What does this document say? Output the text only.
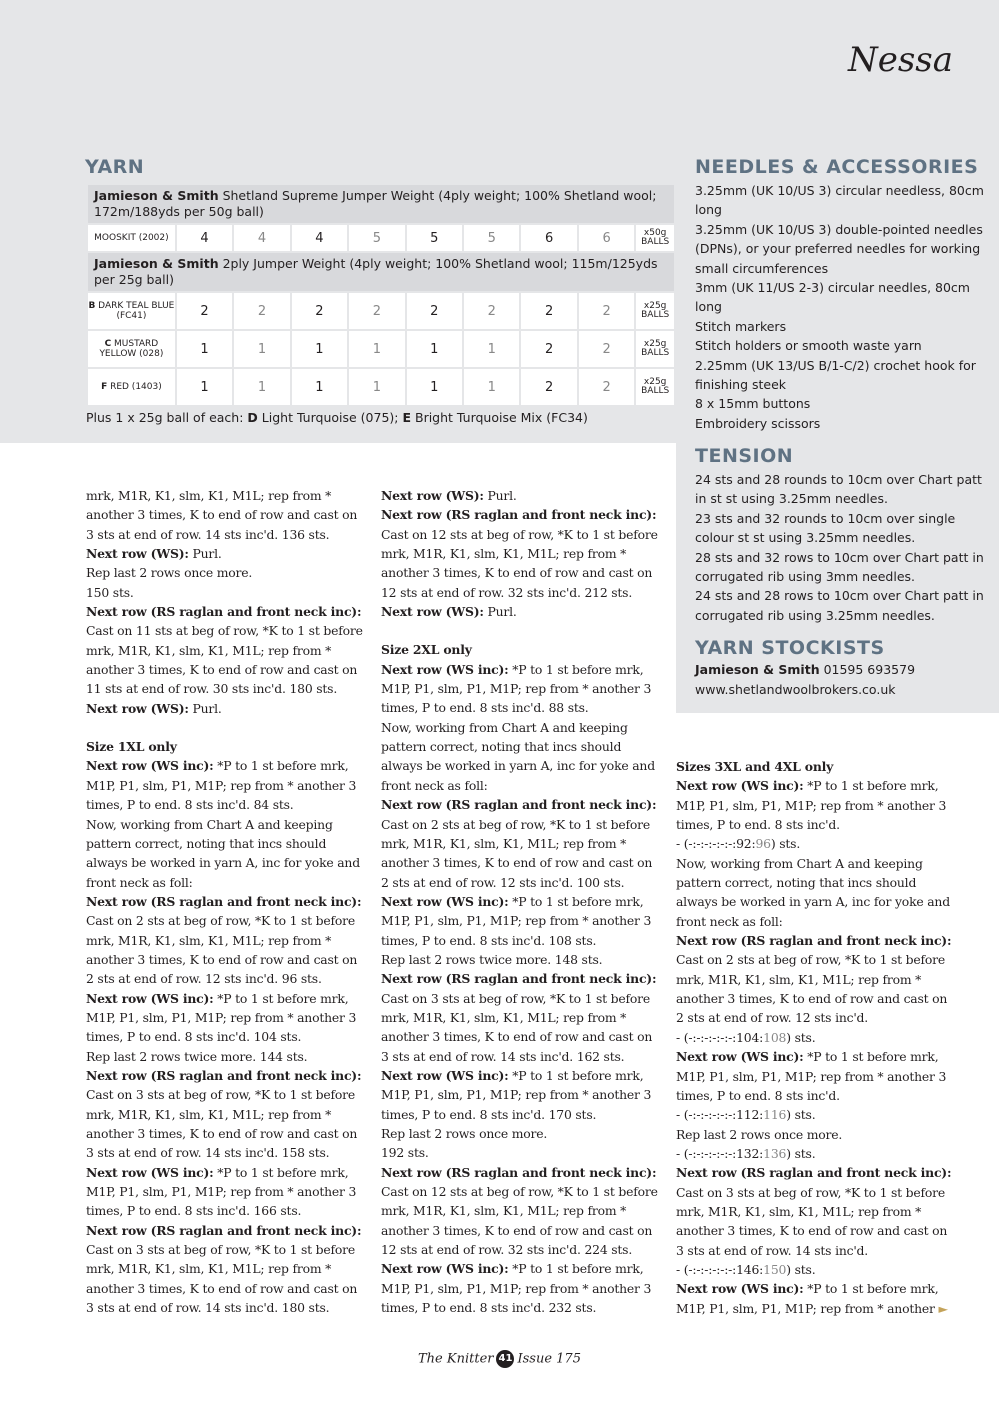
Nessa
YARN
Jamieson & Smith Shetland Supreme Jumper Weight (4ply weight; 100% Shetland wool; 172m/188yds per 50g ball)									
MOOSKIT (2002)	4	4	4	5	5	5	6	6	x50g BALLS
Jamieson & Smith 2ply Jumper Weight (4ply weight; 100% Shetland wool; 115m/125yds per 25g ball)									
B DARK TEAL BLUE (FC41)	2	2	2	2	2	2	2	2	x25g BALLS
C MUSTARD YELLOW (028)	1	1	1	1	1	1	2	2	x25g BALLS
F RED (1403)	1	1	1	1	1	1	2	2	x25g BALLS
Plus 1 x 25g ball of each: D Light Turquoise (075); E Bright Turquoise Mix (FC34)
NEEDLES & ACCESSORIES
3.25mm (UK 10/US 3) circular needless, 80cm long
3.25mm (UK 10/US 3) double-pointed needles (DPNs), or your preferred needles for working small circumferences
3mm (UK 11/US 2-3) circular needles, 80cm long
Stitch markers
Stitch holders or smooth waste yarn
2.25mm (UK 13/US B/1-C/2) crochet hook for finishing steek
8 x 15mm buttons
Embroidery scissors
TENSION
24 sts and 28 rounds to 10cm over Chart patt in st st using 3.25mm needles.
23 sts and 32 rounds to 10cm over single colour st st using 3.25mm needles.
28 sts and 32 rows to 10cm over Chart patt in corrugated rib using 3mm needles.
24 sts and 28 rows to 10cm over Chart patt in corrugated rib using 3.25mm needles.
YARN STOCKISTS
Jamieson & Smith 01595 693579
www.shetlandwoolbrokers.co.uk

mrk, M1R, K1, slm, K1, M1L; rep from * another 3 times, K to end of row and cast on 3 sts at end of row. 14 sts inc'd. 136 sts.

Next row (WS): Purl.

Rep last 2 rows once more.

150 sts.

Next row (RS raglan and front neck inc):

Cast on 11 sts at beg of row, *K to 1 st before mrk, M1R, K1, slm, K1, M1L; rep from * another 3 times, K to end of row and cast on 11 sts at end of row. 30 sts inc'd. 180 sts.

Next row (WS): Purl.

Size 1XL only

Next row (WS inc): *P to 1 st before mrk, M1P, P1, slm, P1, M1P; rep from * another 3 times, P to end. 8 sts inc'd. 84 sts.

Now, working from Chart A and keeping pattern correct, noting that incs should always be worked in yarn A, inc for yoke and front neck as foll:

Next row (RS raglan and front neck inc):

Cast on 2 sts at beg of row, *K to 1 st before mrk, M1R, K1, slm, K1, M1L; rep from * another 3 times, K to end of row and cast on 2 sts at end of row. 12 sts inc'd. 96 sts.

Next row (WS inc): *P to 1 st before mrk, M1P, P1, slm, P1, M1P; rep from * another 3 times, P to end. 8 sts inc'd. 104 sts.

Rep last 2 rows twice more. 144 sts.

Next row (RS raglan and front neck inc):

Cast on 3 sts at beg of row, *K to 1 st before mrk, M1R, K1, slm, K1, M1L; rep from * another 3 times, K to end of row and cast on 3 sts at end of row. 14 sts inc'd. 158 sts.

Next row (WS inc): *P to 1 st before mrk, M1P, P1, slm, P1, M1P; rep from * another 3 times, P to end. 8 sts inc'd. 166 sts.

Next row (RS raglan and front neck inc):

Cast on 3 sts at beg of row, *K to 1 st before mrk, M1R, K1, slm, K1, M1L; rep from * another 3 times, K to end of row and cast on 3 sts at end of row. 14 sts inc'd. 180 sts.

Next row (WS): Purl.

Next row (RS raglan and front neck inc):

Cast on 12 sts at beg of row, *K to 1 st before mrk, M1R, K1, slm, K1, M1L; rep from * another 3 times, K to end of row and cast on 12 sts at end of row. 32 sts inc'd. 212 sts.

Next row (WS): Purl.

Size 2XL only

Next row (WS inc): *P to 1 st before mrk, M1P, P1, slm, P1, M1P; rep from * another 3 times, P to end. 8 sts inc'd. 88 sts.

Now, working from Chart A and keeping pattern correct, noting that incs should always be worked in yarn A, inc for yoke and front neck as foll:

Next row (RS raglan and front neck inc):

Cast on 2 sts at beg of row, *K to 1 st before mrk, M1R, K1, slm, K1, M1L; rep from * another 3 times, K to end of row and cast on 2 sts at end of row. 12 sts inc'd. 100 sts.

Next row (WS inc): *P to 1 st before mrk, M1P, P1, slm, P1, M1P; rep from * another 3 times, P to end. 8 sts inc'd. 108 sts.

Rep last 2 rows twice more. 148 sts.

Next row (RS raglan and front neck inc):

Cast on 3 sts at beg of row, *K to 1 st before mrk, M1R, K1, slm, K1, M1L; rep from * another 3 times, K to end of row and cast on 3 sts at end of row. 14 sts inc'd. 162 sts.

Next row (WS inc): *P to 1 st before mrk, M1P, P1, slm, P1, M1P; rep from * another 3 times, P to end. 8 sts inc'd. 170 sts.

Rep last 2 rows once more.

192 sts.

Next row (RS raglan and front neck inc):

Cast on 12 sts at beg of row, *K to 1 st before mrk, M1R, K1, slm, K1, M1L; rep from * another 3 times, K to end of row and cast on 12 sts at end of row. 32 sts inc'd. 224 sts.

Next row (WS inc): *P to 1 st before mrk, M1P, P1, slm, P1, M1P; rep from * another 3 times, P to end. 8 sts inc'd. 232 sts.

Sizes 3XL and 4XL only

Next row (WS inc): *P to 1 st before mrk, M1P, P1, slm, P1, M1P; rep from * another 3 times, P to end. 8 sts inc'd.

- (-:-:-:-:-:-:92:96) sts.

Now, working from Chart A and keeping pattern correct, noting that incs should always be worked in yarn A, inc for yoke and front neck as foll:

Next row (RS raglan and front neck inc):

Cast on 2 sts at beg of row, *K to 1 st before mrk, M1R, K1, slm, K1, M1L; rep from * another 3 times, K to end of row and cast on 2 sts at end of row. 12 sts inc'd.

- (-:-:-:-:-:-:104:108) sts.

Next row (WS inc): *P to 1 st before mrk, M1P, P1, slm, P1, M1P; rep from * another 3 times, P to end. 8 sts inc'd.

- (-:-:-:-:-:-:112:116) sts.

Rep last 2 rows once more.

- (-:-:-:-:-:-:132:136) sts.

Next row (RS raglan and front neck inc):

Cast on 3 sts at beg of row, *K to 1 st before mrk, M1R, K1, slm, K1, M1L; rep from * another 3 times, K to end of row and cast on 3 sts at end of row. 14 sts inc'd.

- (-:-:-:-:-:-:146:150) sts.

Next row (WS inc): *P to 1 st before mrk, M1P, P1, slm, P1, M1P; rep from * another ►

The Knitter 41 Issue 175
